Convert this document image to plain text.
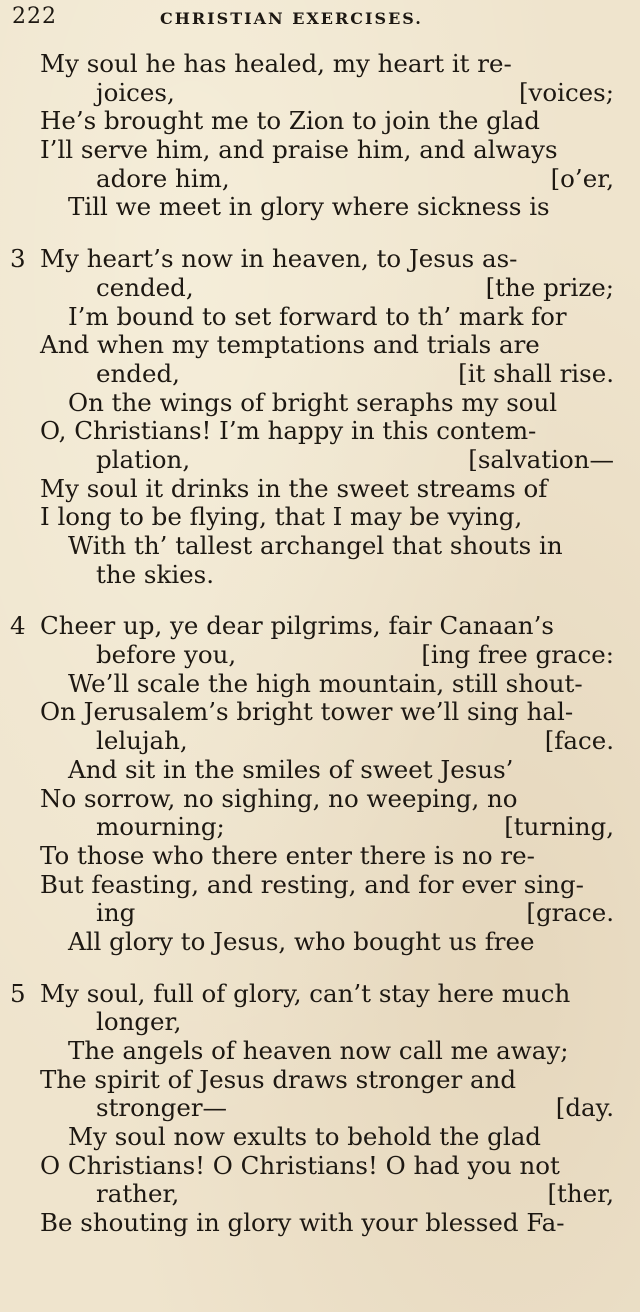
222	CHRISTIAN EXERCISES.
My soul he has healed, my heart it re-
joices,	[voices;
He’s brought me to Zion to join the glad
I’ll serve him, and praise him, and always
adore him,	[o’er,
Till we meet in glory where sickness is
3 My heart’s now in heaven, to Jesus as-
cended,	[the prize;
I’m bound to set forward to th’ mark for
And when my temptations and trials are
ended,	[it shall rise.
On the wings of bright seraphs my soul
O, Christians! I’m happy in this contem-
plation,	[salvation—
My soul it drinks in the sweet streams of
I long to be flying, that I may be vying,
With th’ tallest archangel that shouts in
the skies.
4 Cheer up, ye dear pilgrims, fair Canaan’s
before you,	[ing free grace:
We’ll scale the high mountain, still shout-
On Jerusalem’s bright tower we’ll sing hal-
lelujah,	[face.
And sit in the smiles of sweet Jesus’
No sorrow, no sighing, no weeping, no
mourning;	[turning,
To those who there enter there is no re-
But feasting, and resting, and for ever sing-
ing	[grace.
All glory to Jesus, who bought us free
5 My soul, full of glory, can’t stay here much
longer,
The angels of heaven now call me away;
The spirit of Jesus draws stronger and
stronger—	[day.
My soul now exults to behold the glad
O Christians! O Christians! O had you not
rather,	[ther,
Be shouting in glory with your blessed Fa-
